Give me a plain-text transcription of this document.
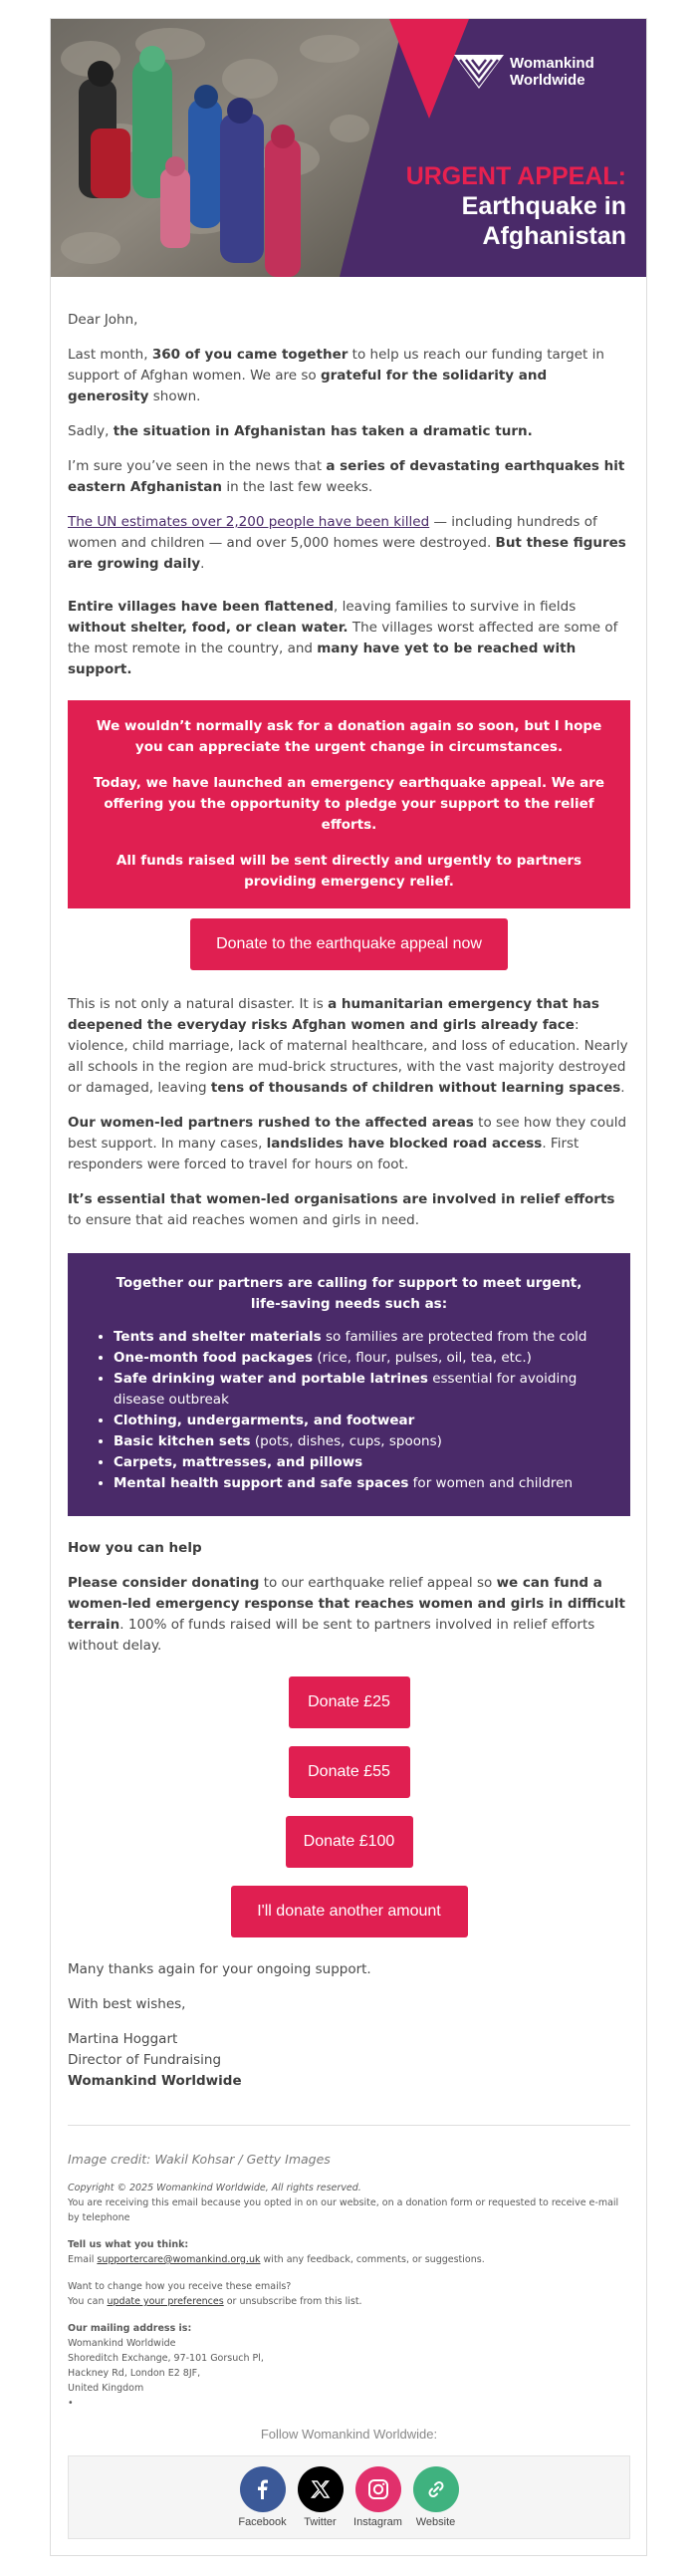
Womankind
Worldwide
URGENT APPEAL:
Earthquake in
Afghanistan

Dear John,

Last month, 360 of you came together to help us reach our funding target in support of Afghan women. We are so grateful for the solidarity and generosity shown.

Sadly, the situation in Afghanistan has taken a dramatic turn.

I’m sure you’ve seen in the news that a series of devastating earthquakes hit eastern Afghanistan in the last few weeks.

The UN estimates over 2,200 people have been killed — including hundreds of women and children — and over 5,000 homes were destroyed. But these figures are growing daily.

Entire villages have been flattened, leaving families to survive in fields without shelter, food, or clean water. The villages worst affected are some of the most remote in the country, and many have yet to be reached with support.

We wouldn’t normally ask for a donation again so soon, but I hope you can appreciate the urgent change in circumstances.

Today, we have launched an emergency earthquake appeal. We are offering you the opportunity to pledge your support to the relief efforts.

All funds raised will be sent directly and urgently to partners providing emergency relief.

Donate to the earthquake appeal now

This is not only a natural disaster. It is a humanitarian emergency that has deepened the everyday risks Afghan women and girls already face: violence, child marriage, lack of maternal healthcare, and loss of education. Nearly all schools in the region are mud-brick structures, with the vast majority destroyed or damaged, leaving tens of thousands of children without learning spaces.

Our women-led partners rushed to the affected areas to see how they could best support. In many cases, landslides have blocked road access. First responders were forced to travel for hours on foot.

It’s essential that women-led organisations are involved in relief efforts to ensure that aid reaches women and girls in need.

Together our partners are calling for support to meet urgent, life-saving needs such as:
• Tents and shelter materials so families are protected from the cold
• One-month food packages (rice, flour, pulses, oil, tea, etc.)
• Safe drinking water and portable latrines essential for avoiding disease outbreak
• Clothing, undergarments, and footwear
• Basic kitchen sets (pots, dishes, cups, spoons)
• Carpets, mattresses, and pillows
• Mental health support and safe spaces for women and children

How you can help

Please consider donating to our earthquake relief appeal so we can fund a women-led emergency response that reaches women and girls in difficult terrain. 100% of funds raised will be sent to partners involved in relief efforts without delay.

Donate £25
Donate £55
Donate £100
I'll donate another amount

Many thanks again for your ongoing support.

With best wishes,

Martina Hoggart
Director of Fundraising
Womankind Worldwide
Image credit: Wakil Kohsar / Getty Images

Copyright © 2025 Womankind Worldwide, All rights reserved.
You are receiving this email because you opted in on our website, on a donation form or requested to receive e-mail by telephone

Tell us what you think:
Email supportercare@womankind.org.uk with any feedback, comments, or suggestions.

Want to change how you receive these emails?
You can update your preferences or unsubscribe from this list.

Our mailing address is:
Womankind Worldwide
Shoreditch Exchange, 97-101 Gorsuch Pl,
Hackney Rd, London E2 8JF,
United Kingdom
•

Follow Womankind Worldwide:
Facebook	Twitter	Instagram	Website
